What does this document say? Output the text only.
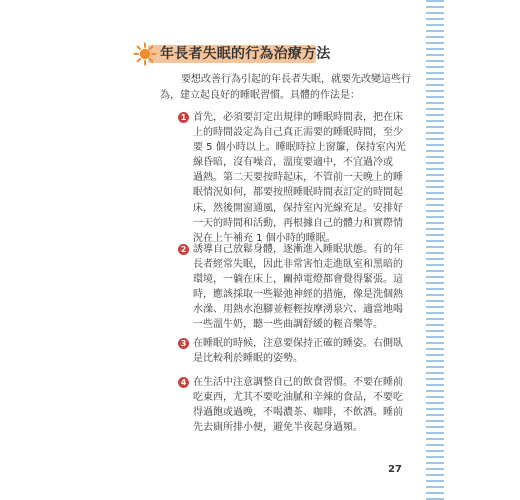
年長者失眠的行為治療方法
要想改善行為引起的年長者失眠，就要先改變這些行
為，建立起良好的睡眠習慣。具體的作法是：
1 首先，必須要訂定出規律的睡眠時間表，把在床
上的時間設定為自己真正需要的睡眠時間，至少
要 5 個小時以上。睡眠時拉上窗簾，保持室內光
線昏暗，沒有噪音，溫度要適中，不宜過冷或
過熱。第二天要按時起床，不管前一天晚上的睡
眠情況如何，都要按照睡眠時間表訂定的時間起
床，然後開窗通風，保持室內光線充足。安排好
一天的時間和活動，再根據自己的體力和實際情
況在上午補充 1 個小時的睡眠。
2 誘導自己放鬆身體，逐漸進入睡眠狀態。有的年
長者經常失眠，因此非常害怕走進臥室和黑暗的
環境，一躺在床上，關掉電燈都會覺得緊張。這
時，應該採取一些鬆弛神經的措施，像是洗個熱
水澡、用熱水泡腳並輕輕按摩湧泉穴、適當地喝
一些溫牛奶，聽一些曲調舒緩的輕音樂等。
3 在睡眠的時候，注意要保持正確的睡姿。右側臥
是比較利於睡眠的姿勢。
4 在生活中注意調整自己的飲食習慣。不要在睡前
吃東西，尤其不要吃油膩和辛辣的食品，不要吃
得過飽或過晚，不喝濃茶、咖啡，不飲酒。睡前
先去廁所排小便，避免半夜起身過頻。
27
